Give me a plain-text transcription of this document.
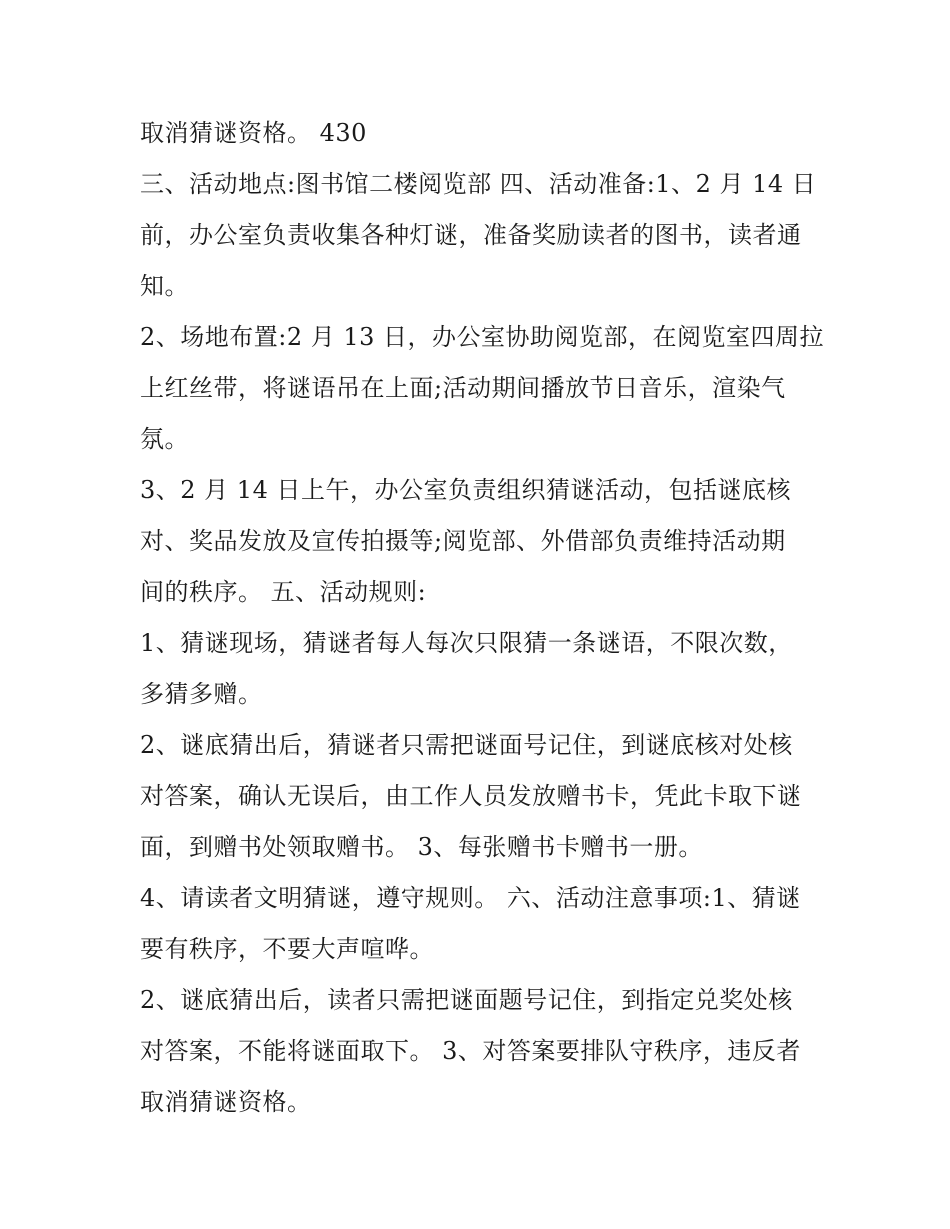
取消猜谜资格。 430
三、活动地点:图书馆二楼阅览部 四、活动准备:1、2 月 14 日
前，办公室负责收集各种灯谜，准备奖励读者的图书，读者通
知。
2、场地布置:2 月 13 日，办公室协助阅览部，在阅览室四周拉
上红丝带，将谜语吊在上面;活动期间播放节日音乐，渲染气
氛。
3、2 月 14 日上午，办公室负责组织猜谜活动，包括谜底核
对、奖品发放及宣传拍摄等;阅览部、外借部负责维持活动期
间的秩序。 五、活动规则:
1、猜谜现场，猜谜者每人每次只限猜一条谜语，不限次数，
多猜多赠。
2、谜底猜出后，猜谜者只需把谜面号记住，到谜底核对处核
对答案，确认无误后，由工作人员发放赠书卡，凭此卡取下谜
面，到赠书处领取赠书。 3、每张赠书卡赠书一册。
4、请读者文明猜谜，遵守规则。 六、活动注意事项:1、猜谜
要有秩序，不要大声喧哗。
2、谜底猜出后，读者只需把谜面题号记住，到指定兑奖处核
对答案，不能将谜面取下。 3、对答案要排队守秩序，违反者
取消猜谜资格。
